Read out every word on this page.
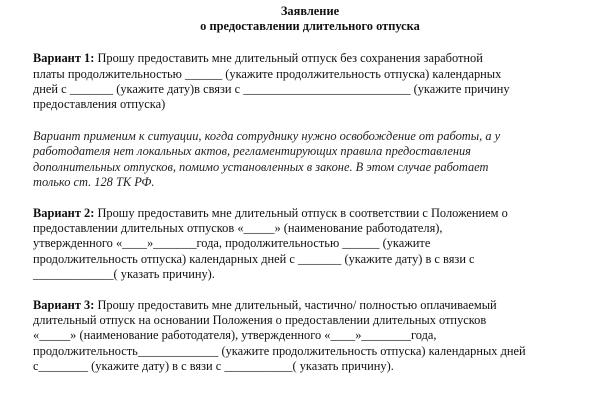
Заявление
о предоставлении длительного отпуска
Вариант 1: Прошу предоставить мне длительный отпуск без сохранения заработной
платы продолжительностью ______ (укажите продолжительность отпуска) календарных
дней с _______ (укажите дату)в связи с ___________________________ (укажите причину
предоставления отпуска)
Вариант применим к ситуации, когда сотруднику нужно освобождение от работы, а у
работодателя нет локальных актов, регламентирующих правила предоставления
дополнительных отпусков, помимо установленных в законе. В этом случае работает
только ст. 128 ТК РФ.
Вариант 2: Прошу предоставить мне длительный отпуск в соответствии с Положением о
предоставлении длительных отпусков «_____» (наименование работодателя),
утвержденного «____»_______года, продолжительностью ______ (укажите
продолжительность отпуска) календарных дней с _______ (укажите дату) в с вязи с
_____________( указать причину).
Вариант 3: Прошу предоставить мне длительный, частично/ полностью оплачиваемый
длительный отпуск на основании Положения о предоставлении длительных отпусков
«_____» (наименование работодателя), утвержденного «____»________года,
продолжительность_____________ (укажите продолжительность отпуска) календарных дней
с________ (укажите дату) в с вязи с ___________( указать причину).
